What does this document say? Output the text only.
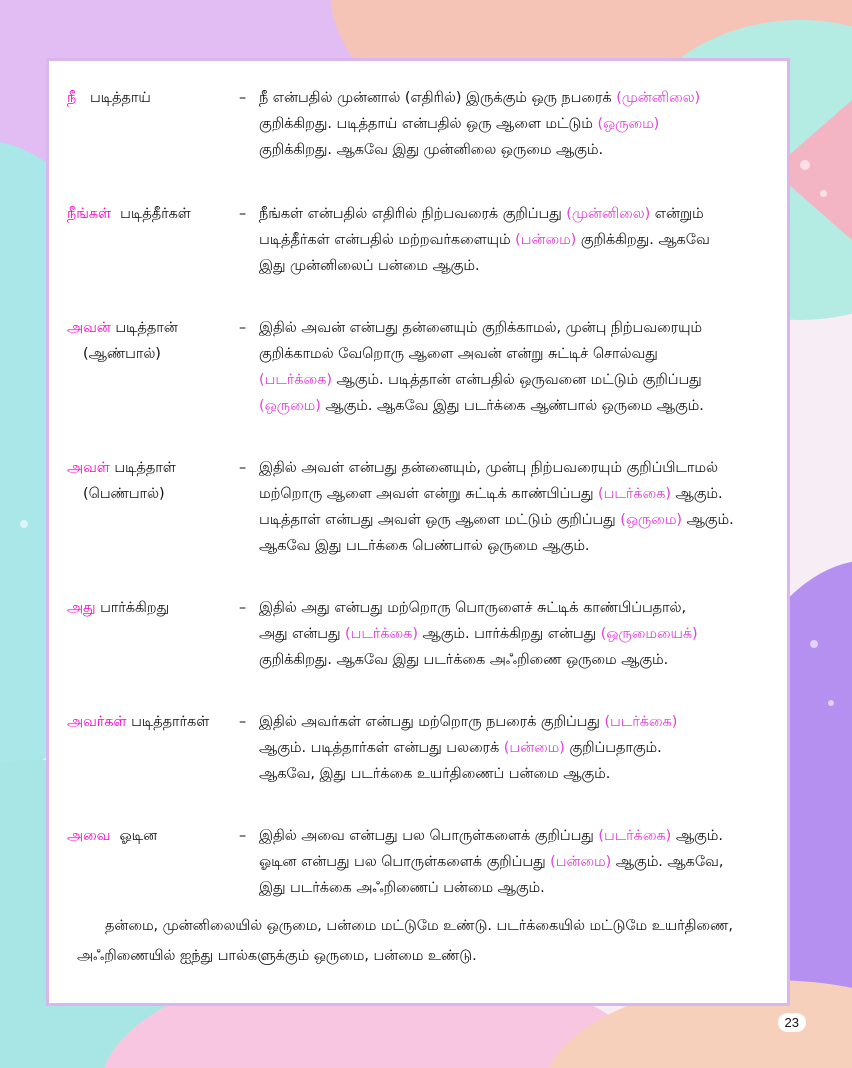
நீ படித்தாய்	– நீ என்பதில் முன்னால் (எதிரில்) இருக்கும் ஒரு நபரைக் (முன்னிலை)
குறிக்கிறது. படித்தாய் என்பதில் ஒரு ஆளை மட்டும் (ஒருமை)
குறிக்கிறது. ஆகவே இது முன்னிலை ஒருமை ஆகும்.
நீங்கள் படித்தீர்கள்	– நீங்கள் என்பதில் எதிரில் நிற்பவரைக் குறிப்பது (முன்னிலை) என்றும்
படித்தீர்கள் என்பதில் மற்றவர்களையும் (பன்மை) குறிக்கிறது. ஆகவே
இது முன்னிலைப் பன்மை ஆகும்.
அவன் படித்தான்
(ஆண்பால்)
– இதில் அவன் என்பது தன்னையும் குறிக்காமல், முன்பு நிற்பவரையும்
குறிக்காமல் வேறொரு ஆளை அவன் என்று சுட்டிச் சொல்வது
(படர்க்கை) ஆகும். படித்தான் என்பதில் ஒருவனை மட்டும் குறிப்பது
(ஒருமை) ஆகும். ஆகவே இது படர்க்கை ஆண்பால் ஒருமை ஆகும்.
அவள் படித்தாள்
(பெண்பால்)
– இதில் அவள் என்பது தன்னையும், முன்பு நிற்பவரையும் குறிப்பிடாமல்
மற்றொரு ஆளை அவள் என்று சுட்டிக் காண்பிப்பது (படர்க்கை) ஆகும்.
படித்தாள் என்பது அவள் ஒரு ஆளை மட்டும் குறிப்பது (ஒருமை) ஆகும்.
ஆகவே இது படர்க்கை பெண்பால் ஒருமை ஆகும்.
அது பார்க்கிறது	– இதில் அது என்பது மற்றொரு பொருளைச் சுட்டிக் காண்பிப்பதால்,
அது என்பது (படர்க்கை) ஆகும். பார்க்கிறது என்பது (ஒருமையைக்)
குறிக்கிறது. ஆகவே இது படர்க்கை அஃறிணை ஒருமை ஆகும்.
அவர்கள் படித்தார்கள்	– இதில் அவர்கள் என்பது மற்றொரு நபரைக் குறிப்பது (படர்க்கை)
ஆகும். படித்தார்கள் என்பது பலரைக் (பன்மை) குறிப்பதாகும்.
ஆகவே, இது படர்க்கை உயர்திணைப் பன்மை ஆகும்.
அவை ஓடின	– இதில் அவை என்பது பல பொருள்களைக் குறிப்பது (படர்க்கை) ஆகும்.
ஓடின என்பது பல பொருள்களைக் குறிப்பது (பன்மை) ஆகும். ஆகவே,
இது படர்க்கை அஃறிணைப் பன்மை ஆகும்.
தன்மை, முன்னிலையில் ஒருமை, பன்மை மட்டுமே உண்டு. படர்க்கையில் மட்டுமே உயர்திணை, அஃறிணையில் ஐந்து பால்களுக்கும் ஒருமை, பன்மை உண்டு.
23
